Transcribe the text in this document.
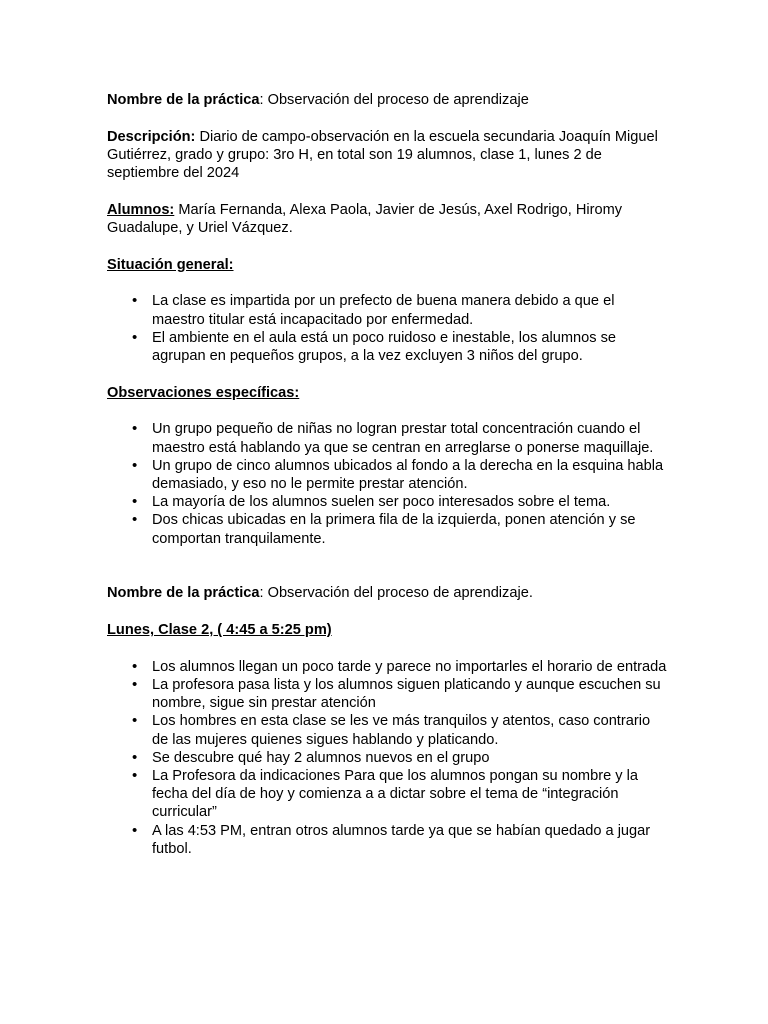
Nombre de la práctica: Observación del proceso de aprendizaje

Descripción: Diario de campo-observación en la escuela secundaria Joaquín Miguel Gutiérrez, grado y grupo: 3ro H, en total son 19 alumnos, clase 1, lunes 2 de septiembre del 2024

Alumnos: María Fernanda, Alexa Paola, Javier de Jesús, Axel Rodrigo, Hiromy Guadalupe, y Uriel Vázquez.

Situación general:

• La clase es impartida por un prefecto de buena manera debido a que el maestro titular está incapacitado por enfermedad.
• El ambiente en el aula está un poco ruidoso e inestable, los alumnos se agrupan en pequeños grupos, a la vez excluyen 3 niños del grupo.

Observaciones específicas:

• Un grupo pequeño de niñas no logran prestar total concentración cuando el maestro está hablando ya que se centran en arreglarse o ponerse maquillaje.
• Un grupo de cinco alumnos ubicados al fondo a la derecha en la esquina habla demasiado, y eso no le permite prestar atención.
• La mayoría de los alumnos suelen ser poco interesados sobre el tema.
• Dos chicas ubicadas en la primera fila de la izquierda, ponen atención y se comportan tranquilamente.

Nombre de la práctica: Observación del proceso de aprendizaje.

Lunes, Clase 2, ( 4:45 a 5:25 pm)

• Los alumnos llegan un poco tarde y parece no importarles el horario de entrada
• La profesora pasa lista y los alumnos siguen platicando y aunque escuchen su nombre, sigue sin prestar atención
• Los hombres en esta clase se les ve más tranquilos y atentos, caso contrario de las mujeres quienes sigues hablando y platicando.
• Se descubre qué hay 2 alumnos nuevos en el grupo
• La Profesora da indicaciones Para que los alumnos pongan su nombre y la fecha del día de hoy y comienza a a dictar sobre el tema de “integración curricular”
• A las 4:53 PM, entran otros alumnos tarde ya que se habían quedado a jugar futbol.
